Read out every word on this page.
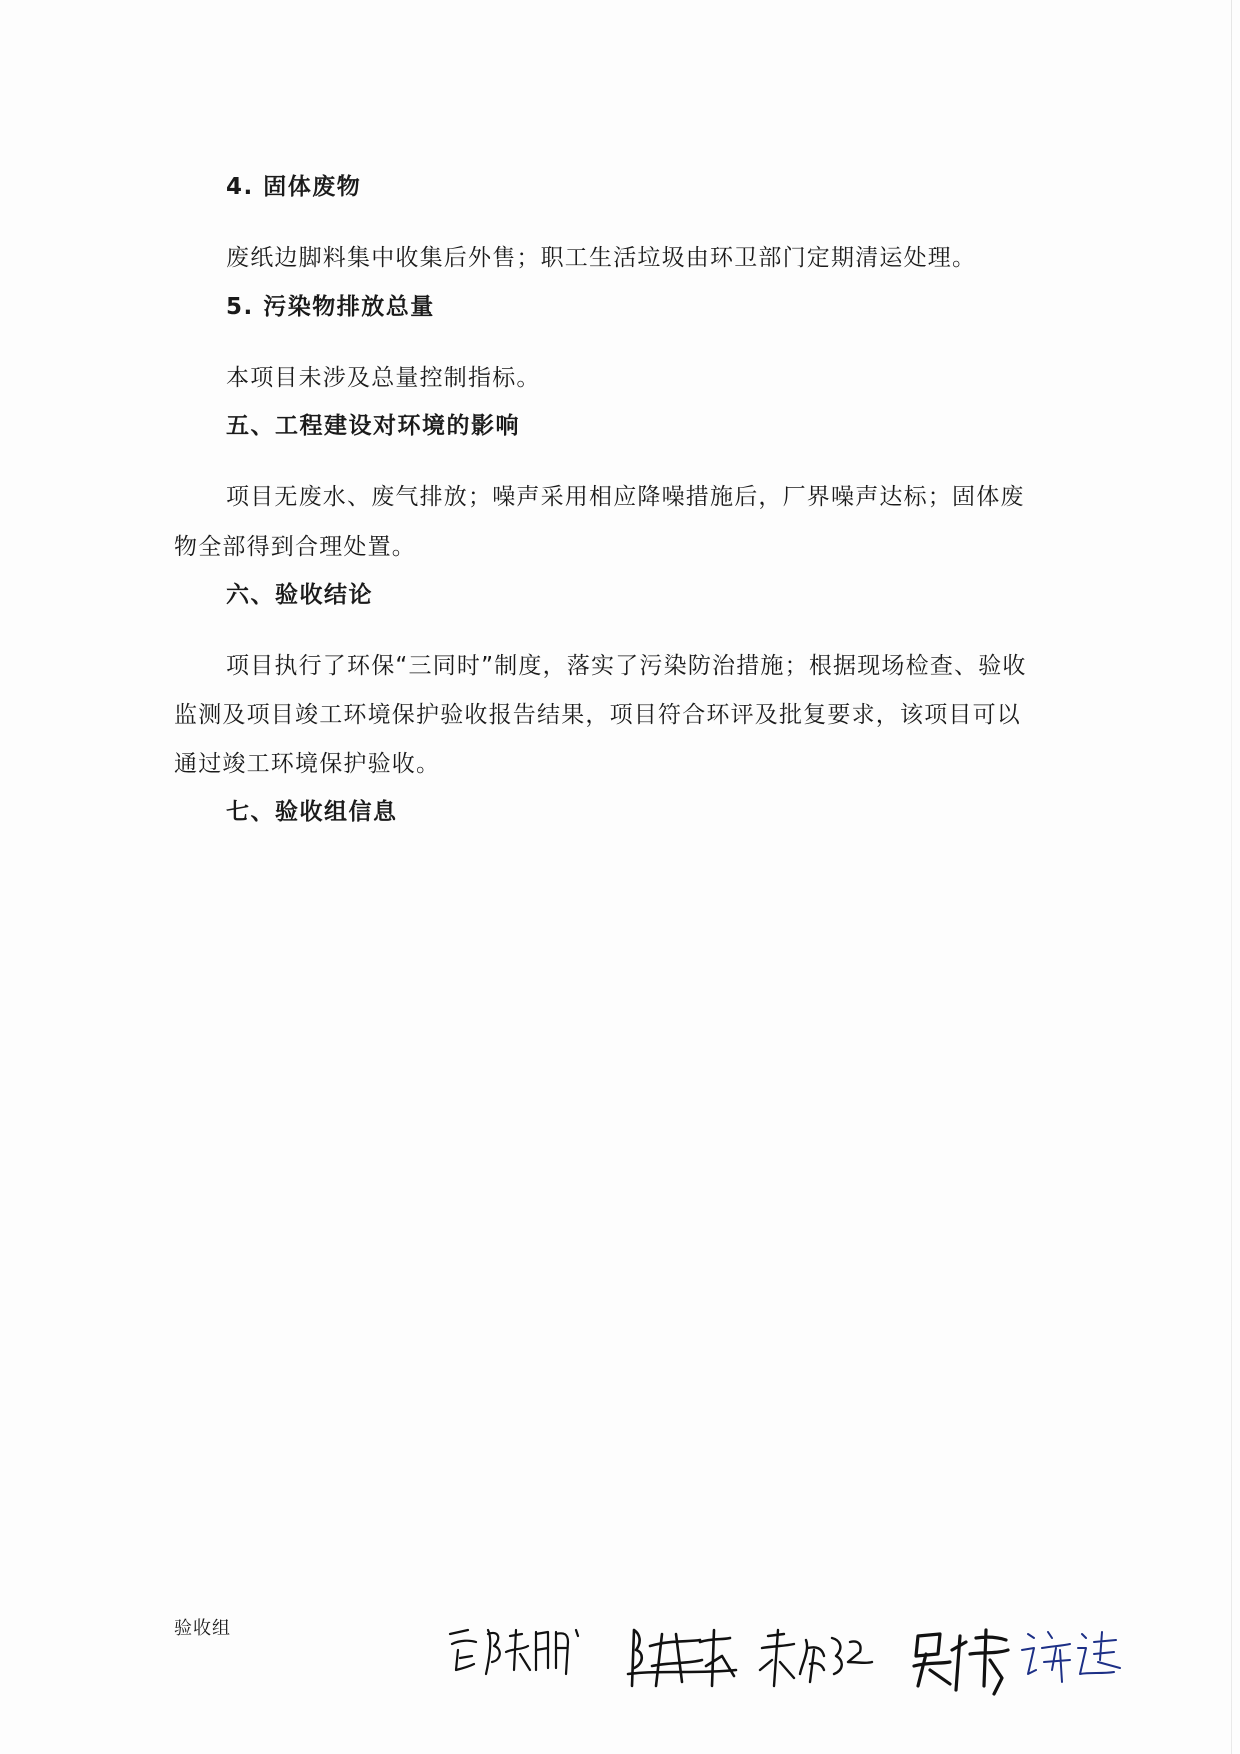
4. 固体废物
废纸边脚料集中收集后外售；职工生活垃圾由环卫部门定期清运处理。
5. 污染物排放总量
本项目未涉及总量控制指标。
五、工程建设对环境的影响
项目无废水、废气排放；噪声采用相应降噪措施后，厂界噪声达标；固体废
物全部得到合理处置。
六、验收结论
项目执行了环保“三同时”制度，落实了污染防治措施；根据现场检查、验收
监测及项目竣工环境保护验收报告结果，项目符合环评及批复要求，该项目可以
通过竣工环境保护验收。
七、验收组信息
验收组
